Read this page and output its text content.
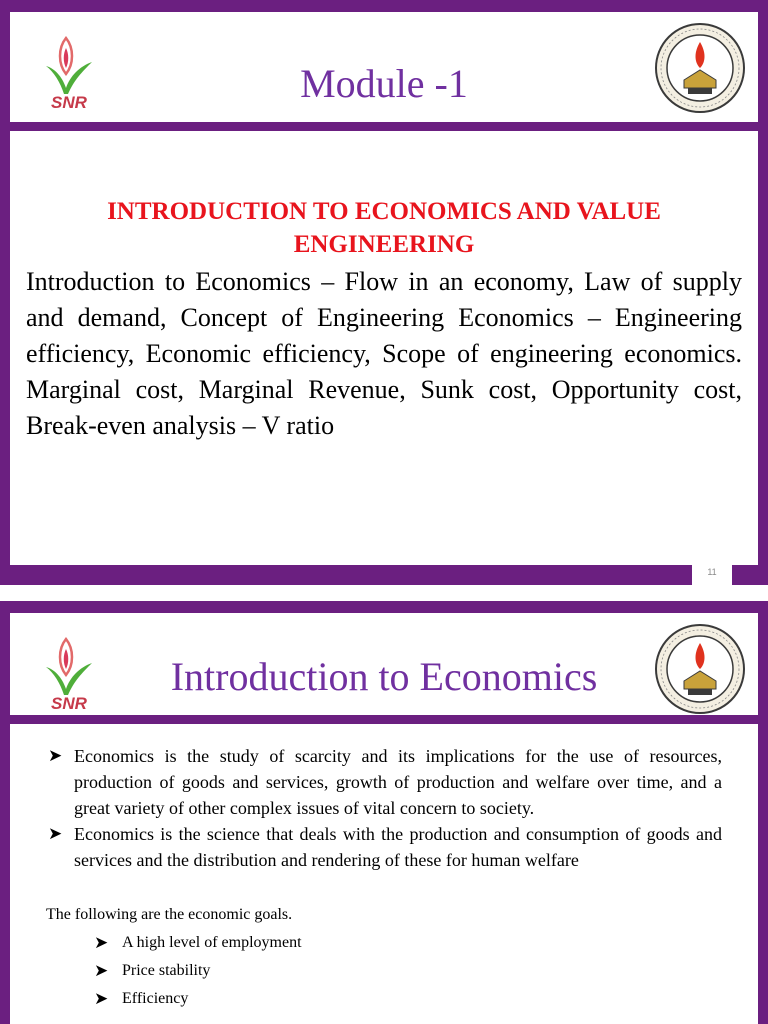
SNR	Module -1
INTRODUCTION TO ECONOMICS AND VALUE
ENGINEERING
Introduction to Economics – Flow in an economy, Law of supply and demand, Concept of Engineering Economics – Engineering efficiency, Economic efficiency, Scope of engineering economics. Marginal cost, Marginal Revenue, Sunk cost, Opportunity cost, Break-even analysis – V ratio
11
SNR
Introduction to Economics
➤ Economics is the study of scarcity and its implications for the use of resources, production of goods and services, growth of production and welfare over time, and a great variety of other complex issues of vital concern to society.
➤ Economics is the science that deals with the production and consumption of goods and services and the distribution and rendering of these for human welfare
The following are the economic goals.
➤ A high level of employment
➤ Price stability
➤ Efficiency
